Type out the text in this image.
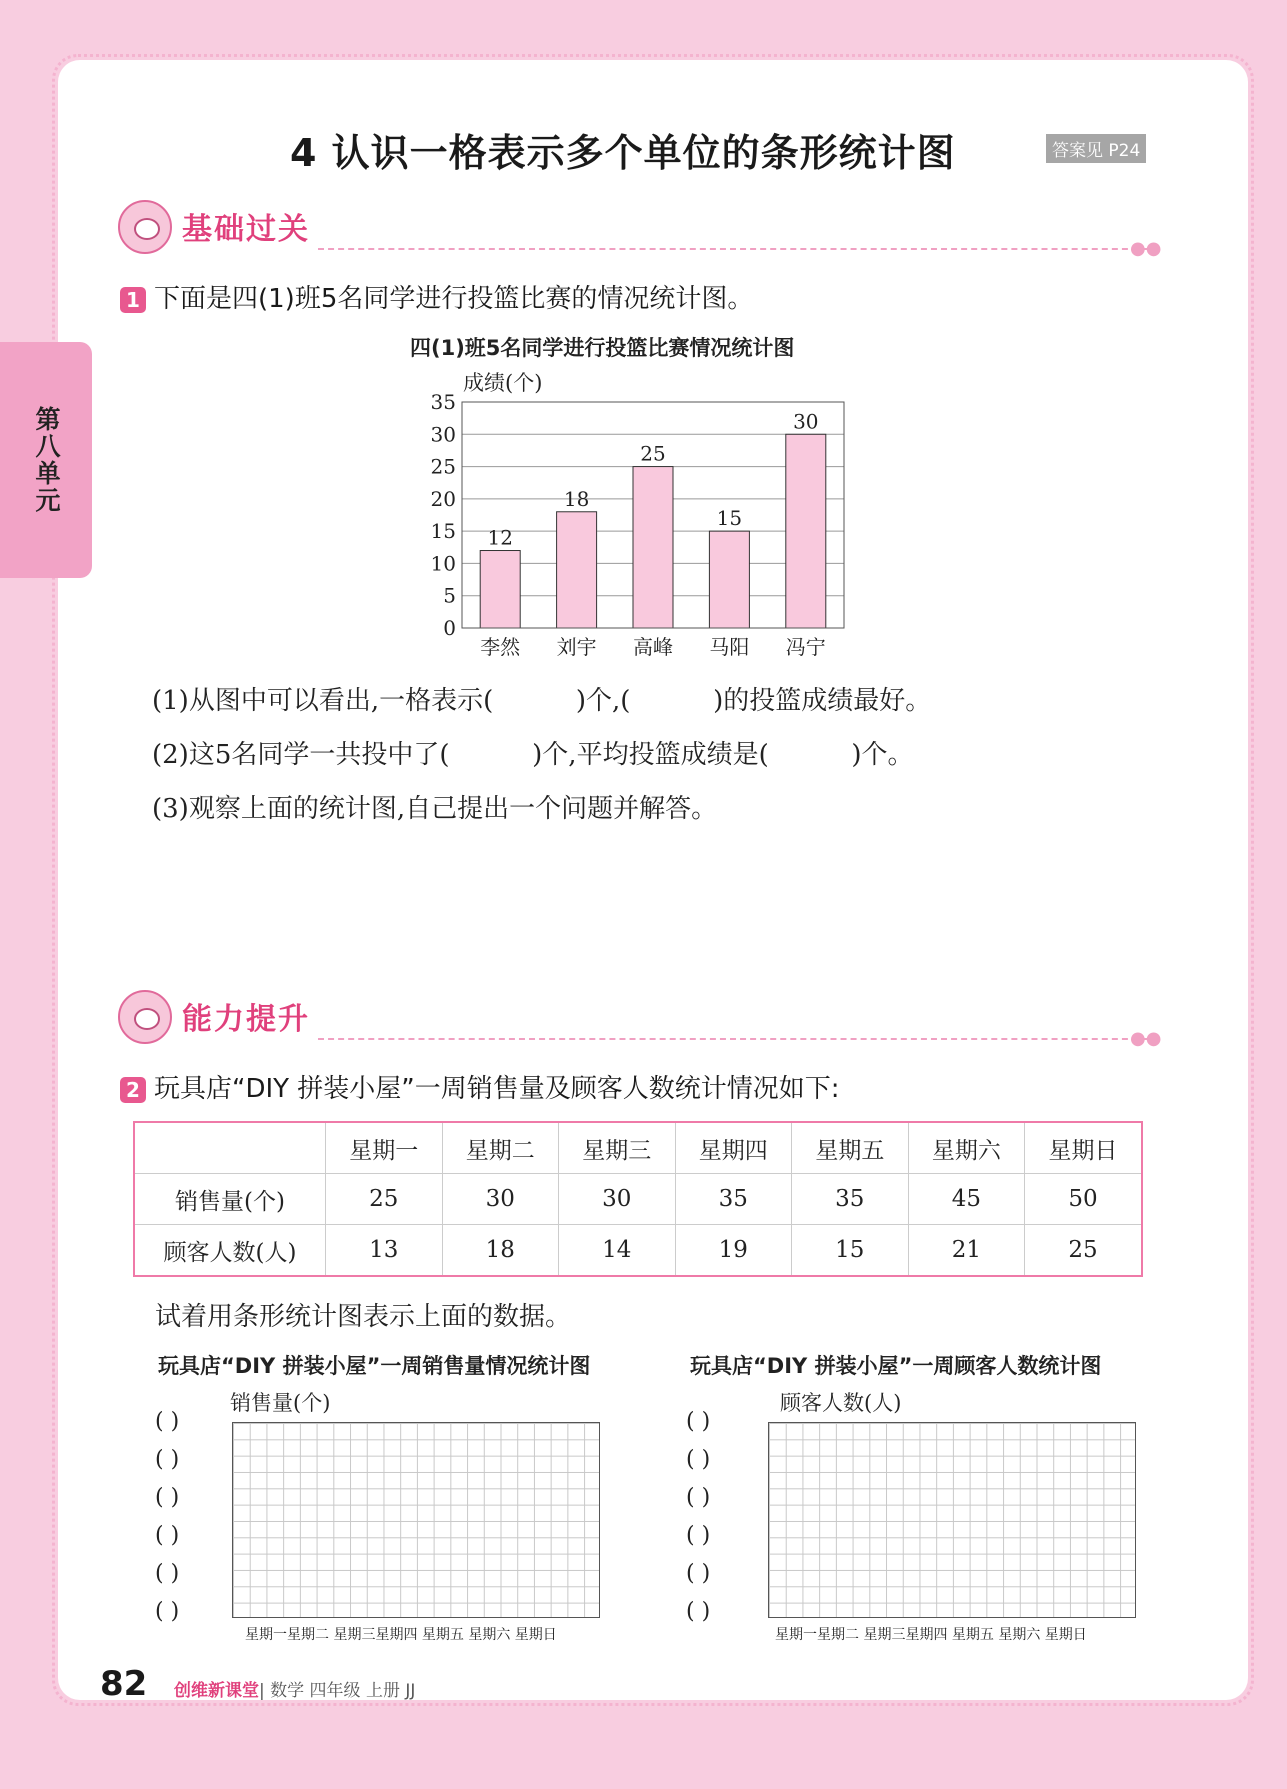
第八单元
4 认识一格表示多个单位的条形统计图	答案见 P24
基础过关
●●
1 下面是四(1)班5名同学进行投篮比赛的情况统计图。
四(1)班5名同学进行投篮比赛情况统计图
成绩(个)
0
5
10
15
20
25
30
35
12
18
25
15
30
李然 刘宇 高峰 马阳 冯宁
(1)从图中可以看出,一格表示(          )个,(          )的投篮成绩最好。
(2)这5名同学一共投中了(          )个,平均投篮成绩是(          )个。
(3)观察上面的统计图,自己提出一个问题并解答。
能力提升
●●
2 玩具店“DIY 拼装小屋”一周销售量及顾客人数统计情况如下:
	星期一	星期二	星期三	星期四	星期五	星期六	星期日
销售量(个)	25	30	30	35	35	45	50
顾客人数(人)	13	18	14	19	15	21	25
试着用条形统计图表示上面的数据。
玩具店“DIY 拼装小屋”一周销售量情况统计图
销售量(个)
( )
( )
( )
( )
( )
( )
星期一星期二 星期三星期四 星期五 星期六 星期日
玩具店“DIY 拼装小屋”一周顾客人数统计图
顾客人数(人)
( )
( )
( )
( )
( )
( )
星期一星期二 星期三星期四 星期五 星期六 星期日
82 创维新课堂| 数学 四年级 上册 JJ
